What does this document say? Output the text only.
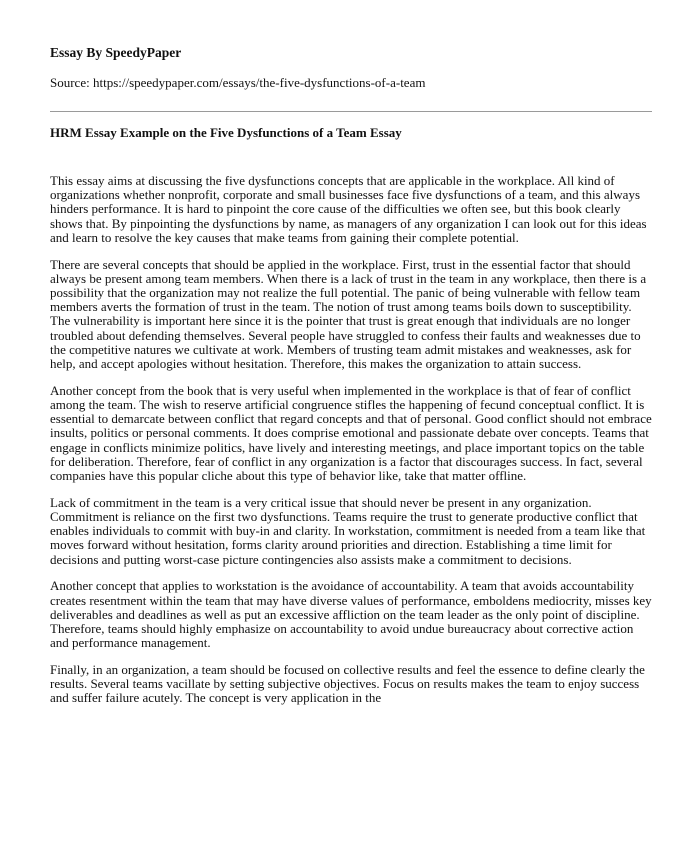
Essay By SpeedyPaper
Source: https://speedypaper.com/essays/the-five-dysfunctions-of-a-team
HRM Essay Example on the Five Dysfunctions of a Team Essay

This essay aims at discussing the five dysfunctions concepts that are applicable in the workplace. All kind of organizations whether nonprofit, corporate and small businesses face five dysfunctions of a team, and this always hinders performance. It is hard to pinpoint the core cause of the difficulties we often see, but this book clearly shows that. By pinpointing the dysfunctions by name, as managers of any organization I can look out for this ideas and learn to resolve the key causes that make teams from gaining their complete potential.

There are several concepts that should be applied in the workplace. First, trust in the essential factor that should always be present among team members. When there is a lack of trust in the team in any workplace, then there is a possibility that the organization may not realize the full potential. The panic of being vulnerable with fellow team members averts the formation of trust in the team. The notion of trust among teams boils down to susceptibility. The vulnerability is important here since it is the pointer that trust is great enough that individuals are no longer troubled about defending themselves. Several people have struggled to confess their faults and weaknesses due to the competitive natures we cultivate at work. Members of trusting team admit mistakes and weaknesses, ask for help, and accept apologies without hesitation. Therefore, this makes the organization to attain success.

Another concept from the book that is very useful when implemented in the workplace is that of fear of conflict among the team. The wish to reserve artificial congruence stifles the happening of fecund conceptual conflict. It is essential to demarcate between conflict that regard concepts and that of personal. Good conflict should not embrace insults, politics or personal comments. It does comprise emotional and passionate debate over concepts. Teams that engage in conflicts minimize politics, have lively and interesting meetings, and place important topics on the table for deliberation. Therefore, fear of conflict in any organization is a factor that discourages success. In fact, several companies have this popular cliche about this type of behavior like, take that matter offline.

Lack of commitment in the team is a very critical issue that should never be present in any organization. Commitment is reliance on the first two dysfunctions. Teams require the trust to generate productive conflict that enables individuals to commit with buy-in and clarity. In workstation, commitment is needed from a team like that moves forward without hesitation, forms clarity around priorities and direction. Establishing a time limit for decisions and putting worst-case picture contingencies also assists make a commitment to decisions.

Another concept that applies to workstation is the avoidance of accountability. A team that avoids accountability creates resentment within the team that may have diverse values of performance, emboldens mediocrity, misses key deliverables and deadlines as well as put an excessive affliction on the team leader as the only point of discipline. Therefore, teams should highly emphasize on accountability to avoid undue bureaucracy about corrective action and performance management.

Finally, in an organization, a team should be focused on collective results and feel the essence to define clearly the results. Several teams vacillate by setting subjective objectives. Focus on results makes the team to enjoy success and suffer failure acutely. The concept is very application in the
